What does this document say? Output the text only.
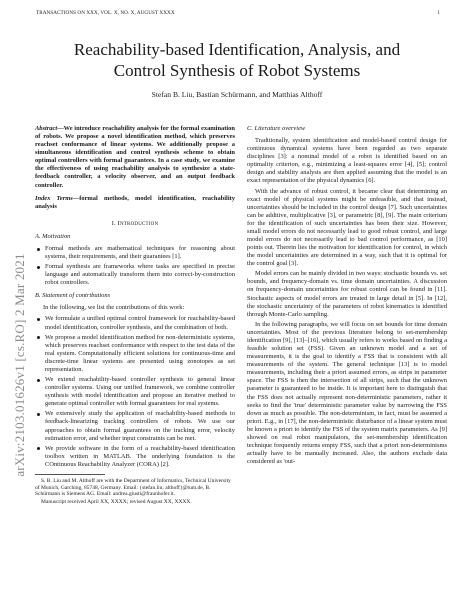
TRANSACTIONS ON XXX, VOL. X, NO. X, AUGUST XXXX	1
Reachability-based Identification, Analysis, and
Control Synthesis of Robot Systems
Stefan B. Liu, Bastian Schürmann, and Matthias Althoff
arXiv:2103.01626v1 [cs.RO] 2 Mar 2021
Abstract—We introduce reachability analysis for the formal examination of robots. We propose a novel identification method, which preserves reachset conformance of linear systems. We additionally propose a simultaneous identification and control synthesis scheme to obtain optimal controllers with formal guarantees. In a case study, we examine the effectiveness of using reachability analysis to synthesize a state-feedback controller, a velocity observer, and an output feedback controller.
Index Terms—formal methods, model identification, reachability analysis
I. Introduction
A. Motivation
Formal methods are mathematical techniques for reasoning about systems, their requirements, and their guarantees [1].
Formal synthesis are frameworks where tasks are specified in precise language and automatically transform them into correct-by-construction robot controllers.
B. Statement of contributions

In the following, we list the contributions of this work:

We formulate a unified optimal control framework for reachability-based model identification, controller synthesis, and the combination of both.
We propose a model identification method for non-deterministic systems, which preserves reachset conformance with respect to the test data of the real system. Computationally efficient solutions for continuous-time and discrete-time linear systems are presented using zonotopes as set representation.
We extend reachability-based controller synthesis to general linear controller systems. Using our unified framework, we combine controller synthesis with model identification and propose an iterative method to generate optimal controller with formal guarantees for real systems.
We extensively study the application of reachability-based methods to feedback-linearizing tracking controllers of robots. We use our approaches to obtain formal guarantees on the tracking error, velocity estimation error, and whether input constraints can be met.
We provide software in the form of a reachability-based identification toolbox written in MATLAB. The underlying foundation is the COntinuous Reachability Analyzer (CORA) [2].

S. B. Liu and M. Althoff are with the Department of Informatics, Technical University of Munich, Garching, 85748, Germany. Email: {stefan.liu; althoff}@tum.de, B. Schürmann is Siemens AG. Email: andrea.giusti@fraunhofer.it.

Manuscript received April XX, XXXX; revised August XX, XXXX.

C. Literature overview

Traditionally, system identification and model-based control design for continuous dynamical systems have been regarded as two separate disciplines [3]: a nominal model of a robot is identified based on an optimality criterion, e.g., minimizing a least-squares error [4], [5]; control design and stability analysis are then applied assuming that the model is an exact representation of the physical dynamics [6].

With the advance of robust control, it became clear that determining an exact model of physical systems might be unfeasible, and that instead, uncertainties should be included in the control design [7]. Such uncertainties can be additive, multiplicative [3], or parametric [8], [9]. The main criterium for the identification of such uncertainties has been their size. However, small model errors do not necessarily lead to good robust control, and large model errors do not necessarily lead to bad control performance, as [10] points out. Therein lies the motivation for identification for control, in which the model uncertainties are determined in a way, such that it is optimal for the control goal [3].

Model errors can be mainly divided in two ways: stochastic bounds vs. set bounds, and frequency-domain vs. time domain uncertainties. A discussion on frequency-domain uncertainties for robust control can be found in [11]. Stochastic aspects of model errors are treated in large detail in [5]. In [12], the stochastic uncertainty of the parameters of robot kinematics is identified through Monte-Carlo sampling.

In the following paragraphs, we will focus on set bounds for time domain uncertainties. Most of the previous literature belong to set-membership identification [9], [13]–[16], which usually refers to works based on finding a feasible solution set (FSS). Given an unknown model and a set of measurements, it is the goal to identify a FSS that is consistent with all measurements of the system. The general technique [13] is to model measurements, including their a priori assumed errors, as strips in parameter space. The FSS is then the intersection of all strips, such that the unknown parameter is guaranteed to be inside. It is important here to distinguish that the FSS does not actually represent non-deterministic parameters, rather it seeks to find the 'true' deterministic parameter value by narrowing the FSS down as much as possible. The non-determinism, in fact, must be assumed a priori. E.g., in [17], the non-deterministic disturbance of a linear system must be known a priori to identify the FSS of the system matrix parameters. As [9] showed on real robot manipulators, the set-membership identification technique frequently returns empty FSS, such that a priori non-determinisms actually have to be manually increased. Also, the authors exclude data considered as 'out-
